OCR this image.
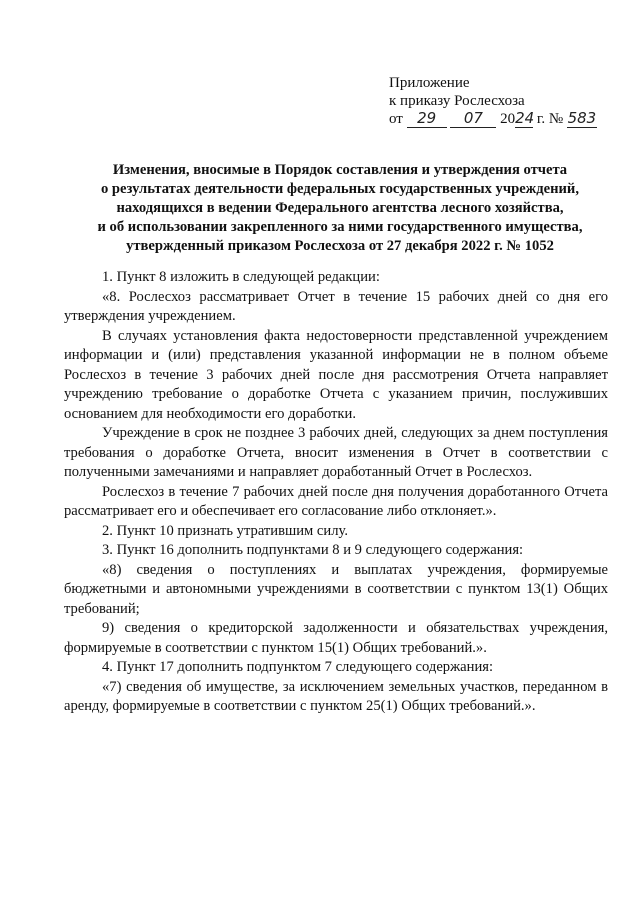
Приложение
к приказу Рослесхоза
от 29 07 2024 г. № 583
Изменения, вносимые в Порядок составления и утверждения отчета
о результатах деятельности федеральных государственных учреждений,
находящихся в ведении Федерального агентства лесного хозяйства,
и об использовании закрепленного за ними государственного имущества,
утвержденный приказом Рослесхоза от 27 декабря 2022 г. № 1052

1. Пункт 8 изложить в следующей редакции:

«8. Рослесхоз рассматривает Отчет в течение 15 рабочих дней со дня его утверждения учреждением.

В случаях установления факта недостоверности представленной учреждением информации и (или) представления указанной информации не в полном объеме Рослесхоз в течение 3 рабочих дней после дня рассмотрения Отчета направляет учреждению требование о доработке Отчета с указанием причин, послуживших основанием для необходимости его доработки.

Учреждение в срок не позднее 3 рабочих дней, следующих за днем поступления требования о доработке Отчета, вносит изменения в Отчет в соответствии с полученными замечаниями и направляет доработанный Отчет в Рослесхоз.

Рослесхоз в течение 7 рабочих дней после дня получения доработанного Отчета рассматривает его и обеспечивает его согласование либо отклоняет.».

2. Пункт 10 признать утратившим силу.

3. Пункт 16 дополнить подпунктами 8 и 9 следующего содержания:

«8) сведения о поступлениях и выплатах учреждения, формируемые бюджетными и автономными учреждениями в соответствии с пунктом 13(1) Общих требований;

9) сведения о кредиторской задолженности и обязательствах учреждения, формируемые в соответствии с пунктом 15(1) Общих требований.».

4. Пункт 17 дополнить подпунктом 7 следующего содержания:

«7) сведения об имуществе, за исключением земельных участков, переданном в аренду, формируемые в соответствии с пунктом 25(1) Общих требований.».
